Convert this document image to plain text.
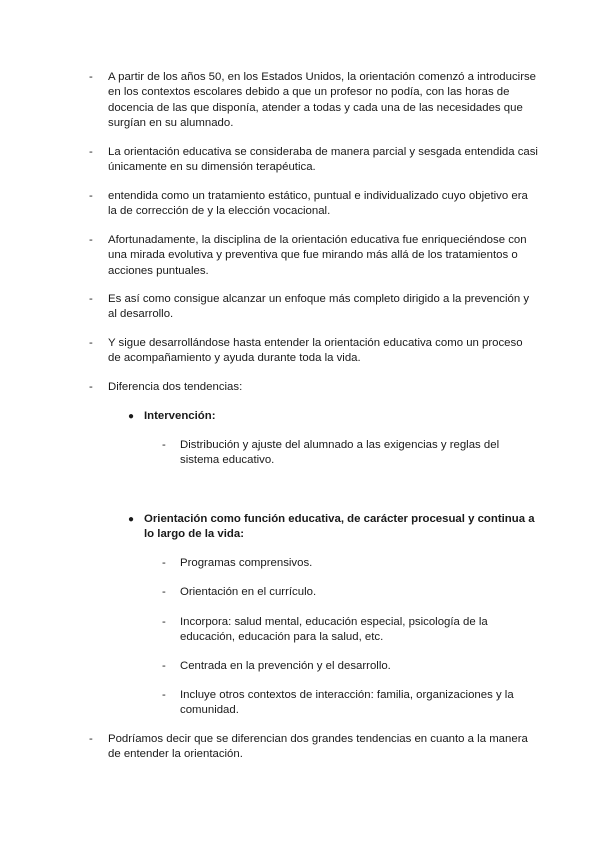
- A partir de los años 50, en los Estados Unidos, la orientación comenzó a introducirse en los contextos escolares debido a que un profesor no podía, con las horas de docencia de las que disponía, atender a todas y cada una de las necesidades que surgían en su alumnado.
- La orientación educativa se consideraba de manera parcial y sesgada entendida casi únicamente en su dimensión terapéutica.
- entendida como un tratamiento estático, puntual e individualizado cuyo objetivo era la de corrección de y la elección vocacional.
- Afortunadamente, la disciplina de la orientación educativa fue enriqueciéndose con una mirada evolutiva y preventiva que fue mirando más allá de los tratamientos o acciones puntuales.
- Es así como consigue alcanzar un enfoque más completo dirigido a la prevención y al desarrollo.
- Y sigue desarrollándose hasta entender la orientación educativa como un proceso de acompañamiento y ayuda durante toda la vida.
- Diferencia dos tendencias:
● Intervención:
- Distribución y ajuste del alumnado a las exigencias y reglas del sistema educativo.
● Orientación como función educativa, de carácter procesual y continua a lo largo de la vida:
- Programas comprensivos.
- Orientación en el currículo.
- Incorpora: salud mental, educación especial, psicología de la educación, educación para la salud, etc.
- Centrada en la prevención y el desarrollo.
- Incluye otros contextos de interacción: familia, organizaciones y la comunidad.
- Podríamos decir que se diferencian dos grandes tendencias en cuanto a la manera de entender la orientación.
